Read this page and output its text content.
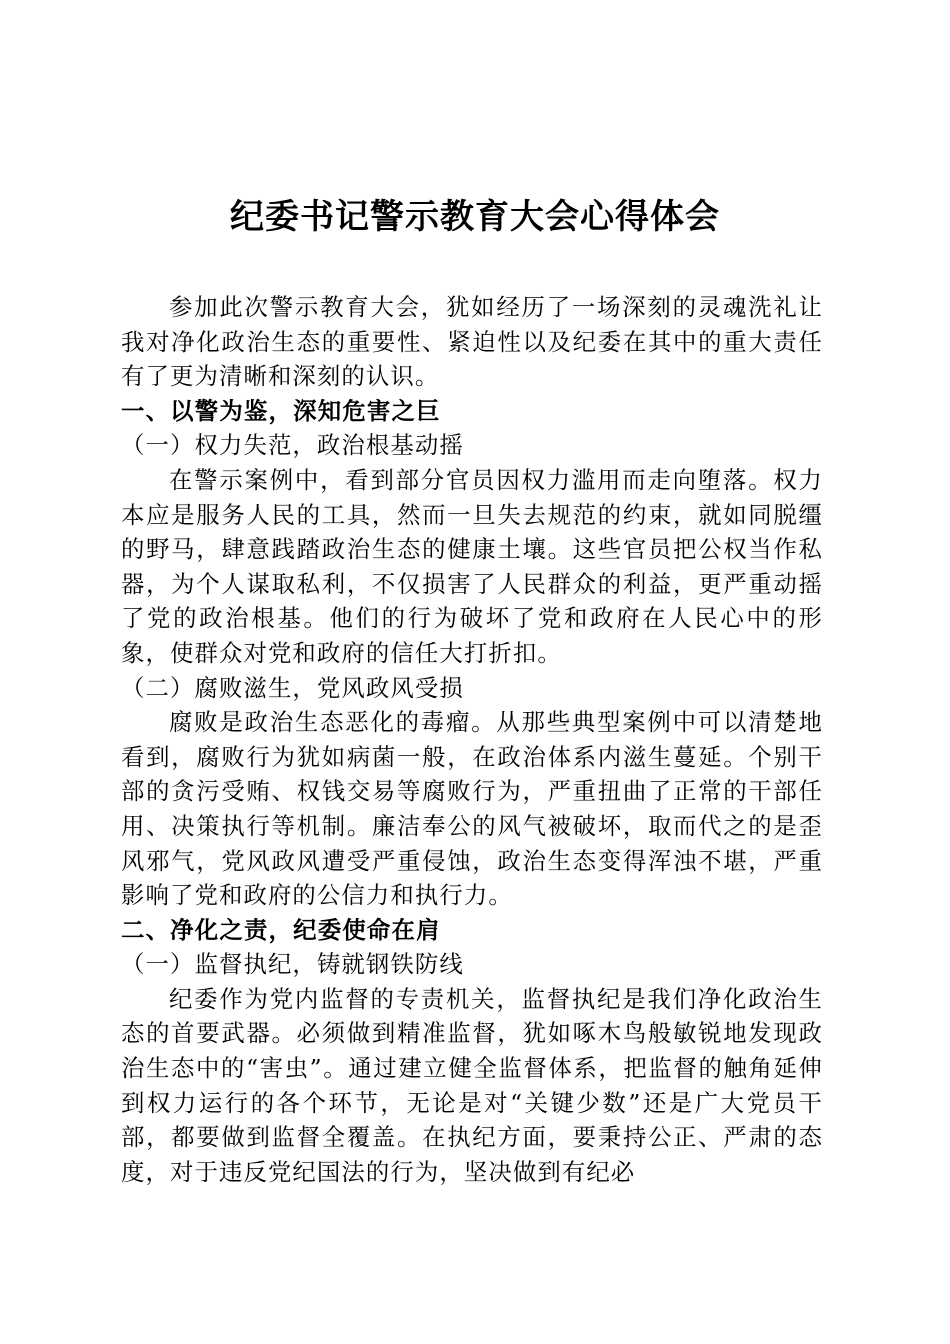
纪委书记警示教育大会心得体会

参加此次警示教育大会，犹如经历了一场深刻的灵魂洗礼让我对净化政治生态的重要性、紧迫性以及纪委在其中的重大责任有了更为清晰和深刻的认识。

一、以警为鉴，深知危害之巨

（一）权力失范，政治根基动摇

在警示案例中，看到部分官员因权力滥用而走向堕落。权力本应是服务人民的工具，然而一旦失去规范的约束，就如同脱缰的野马，肆意践踏政治生态的健康土壤。这些官员把公权当作私器，为个人谋取私利，不仅损害了人民群众的利益，更严重动摇了党的政治根基。他们的行为破坏了党和政府在人民心中的形象，使群众对党和政府的信任大打折扣。

（二）腐败滋生，党风政风受损

腐败是政治生态恶化的毒瘤。从那些典型案例中可以清楚地看到，腐败行为犹如病菌一般，在政治体系内滋生蔓延。个别干部的贪污受贿、权钱交易等腐败行为，严重扭曲了正常的干部任用、决策执行等机制。廉洁奉公的风气被破坏，取而代之的是歪风邪气，党风政风遭受严重侵蚀，政治生态变得浑浊不堪，严重影响了党和政府的公信力和执行力。

二、净化之责，纪委使命在肩

（一）监督执纪，铸就钢铁防线

纪委作为党内监督的专责机关，监督执纪是我们净化政治生态的首要武器。必须做到精准监督，犹如啄木鸟般敏锐地发现政治生态中的“害虫”。通过建立健全监督体系，把监督的触角延伸到权力运行的各个环节，无论是对“关键少数”还是广大党员干部，都要做到监督全覆盖。在执纪方面，要秉持公正、严肃的态度，对于违反党纪国法的行为，坚决做到有纪必
